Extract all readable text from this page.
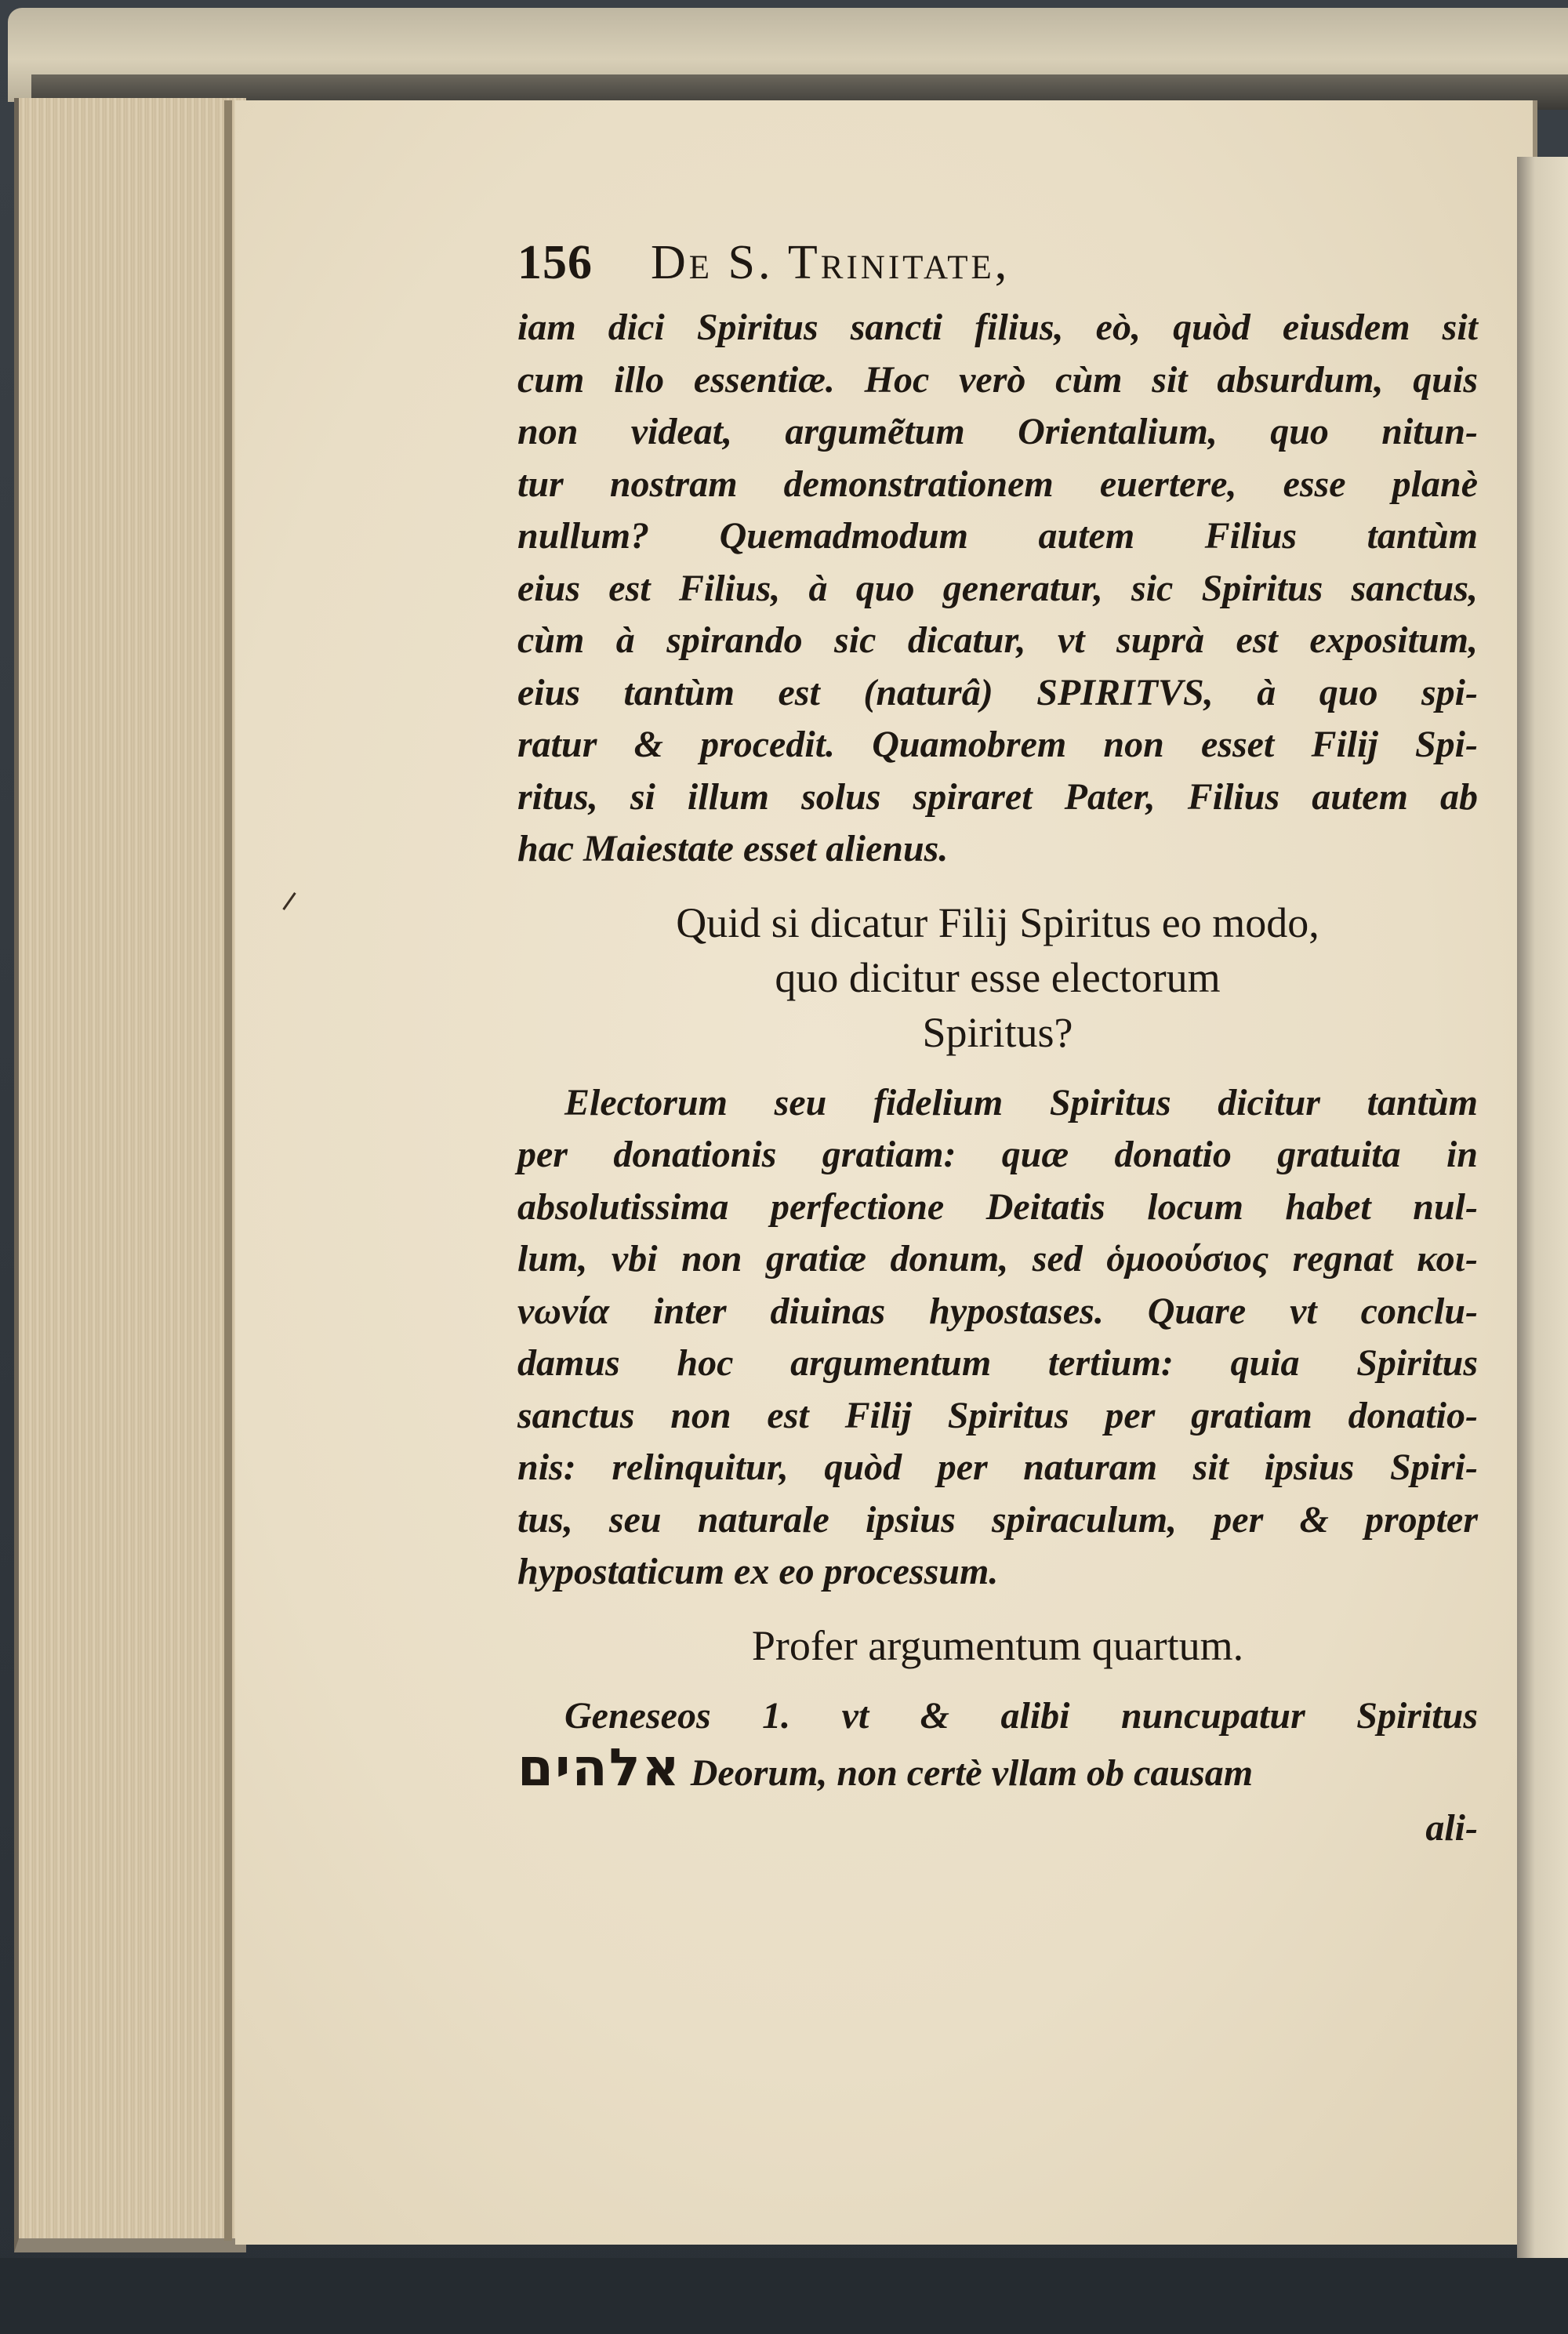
156	De S. Trinitate,

iam dici Spiritus sancti filius, eò, quòd eiusdem sit
cum illo essentiæ. Hoc verò cùm sit absurdum, quis
non videat, argumẽtum Orientalium, quo nitun-
tur nostram demonstrationem euertere, esse planè
nullum? Quemadmodum autem Filius tantùm
eius est Filius, à quo generatur, sic Spiritus sanctus,
cùm à spirando sic dicatur, vt suprà est expositum,
eius tantùm est (naturâ) SPIRITVS, à quo spi-
ratur & procedit. Quamobrem non esset Filij Spi-
ritus, si illum solus spiraret Pater, Filius autem ab
hac Maiestate esset alienus.

Quid si dicatur Filij Spiritus eo modo,
quo dicitur esse electorum
Spiritus?

Electorum seu fidelium Spiritus dicitur tantùm
per donationis gratiam: quæ donatio gratuita in
absolutissima perfectione Deitatis locum habet nul-
lum, vbi non gratiæ donum, sed ὁμοούσιος regnat κοι-
νωνία inter diuinas hypostases. Quare vt conclu-
damus hoc argumentum tertium: quia Spiritus
sanctus non est Filij Spiritus per gratiam donatio-
nis: relinquitur, quòd per naturam sit ipsius Spiri-
tus, seu naturale ipsius spiraculum, per & propter
hypostaticum ex eo processum.

Profer argumentum quartum.

Geneseos 1. vt & alibi nuncupatur Spiritus
אלהים Deorum, non certè vllam ob causam

ali-
